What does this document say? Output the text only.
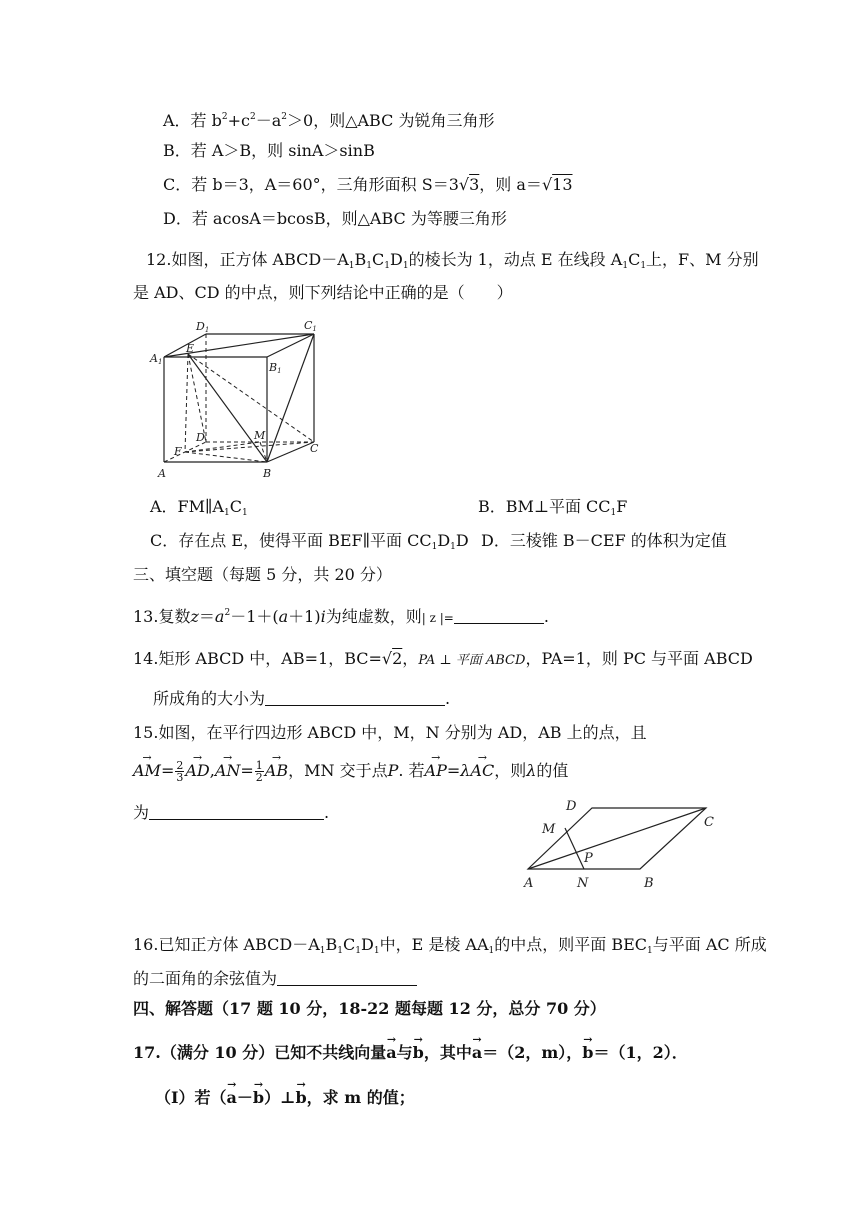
A．若 $b^2+c^2-a^2>0$，则△ABC 为锐角三角形
B．若 A＞B，则 sinA＞sinB
C．若 b＝3，A＝60°，三角形面积 S＝3√3，则 a＝√13
D．若 acosA＝bcosB，则△ABC 为等腰三角形
12.如图，正方体 $ABCD-A_1B_1C_1D_1$的棱长为 1，动点 E 在线段 $A_1C_1$上，F、M 分别
是 AD、CD 的中点，则下列结论中正确的是（　　）
D1	C1
A1
E
B1
D	M
C
F
A	B
A．$FM\parallel A_1C_1$	B．BM⊥平面 $CC_1F$
C．存在点 E，使得平面 BEF∥平面 $CC_1D_1D$ D．三棱锥 B－CEF 的体积为定值
三、填空题（每题 5 分，共 20 分）
13.复数$z=a^2-1+(a+1)i$为纯虚数，则| z |=	.
14.矩形 ABCD 中，AB=1，BC=√2，PA ⊥ 平面 ABCD，PA=1，则 PC 与平面 ABCD
所成角的大小为	.
15.如图，在平行四边形 ABCD 中，M，N 分别为 AD，AB 上的点，且
→ $AM= \frac{2}{3} \to AD,\to AN= \frac{1}{2}$ → AB，MN 交于点P. 若→ AP=λ→ AC，则λ的值
为	.	D
C
M
P
A	N	B
16.已知正方体 $ABCD-A_1B_1C_1D_1$中，E 是棱 $AA_1$的中点，则平面 $BEC_1$与平面 AC 所成
的二面角的余弦值为
四、解答题（17 题 10 分，18-22 题每题 12 分，总分 70 分）
17.（满分 10 分）已知不共线向量→ a与→ b，其中→ a＝（2，m），→ b＝（1，2）．
（Ⅰ）若（→ a－→ b）⊥→ b，求 m 的值；
